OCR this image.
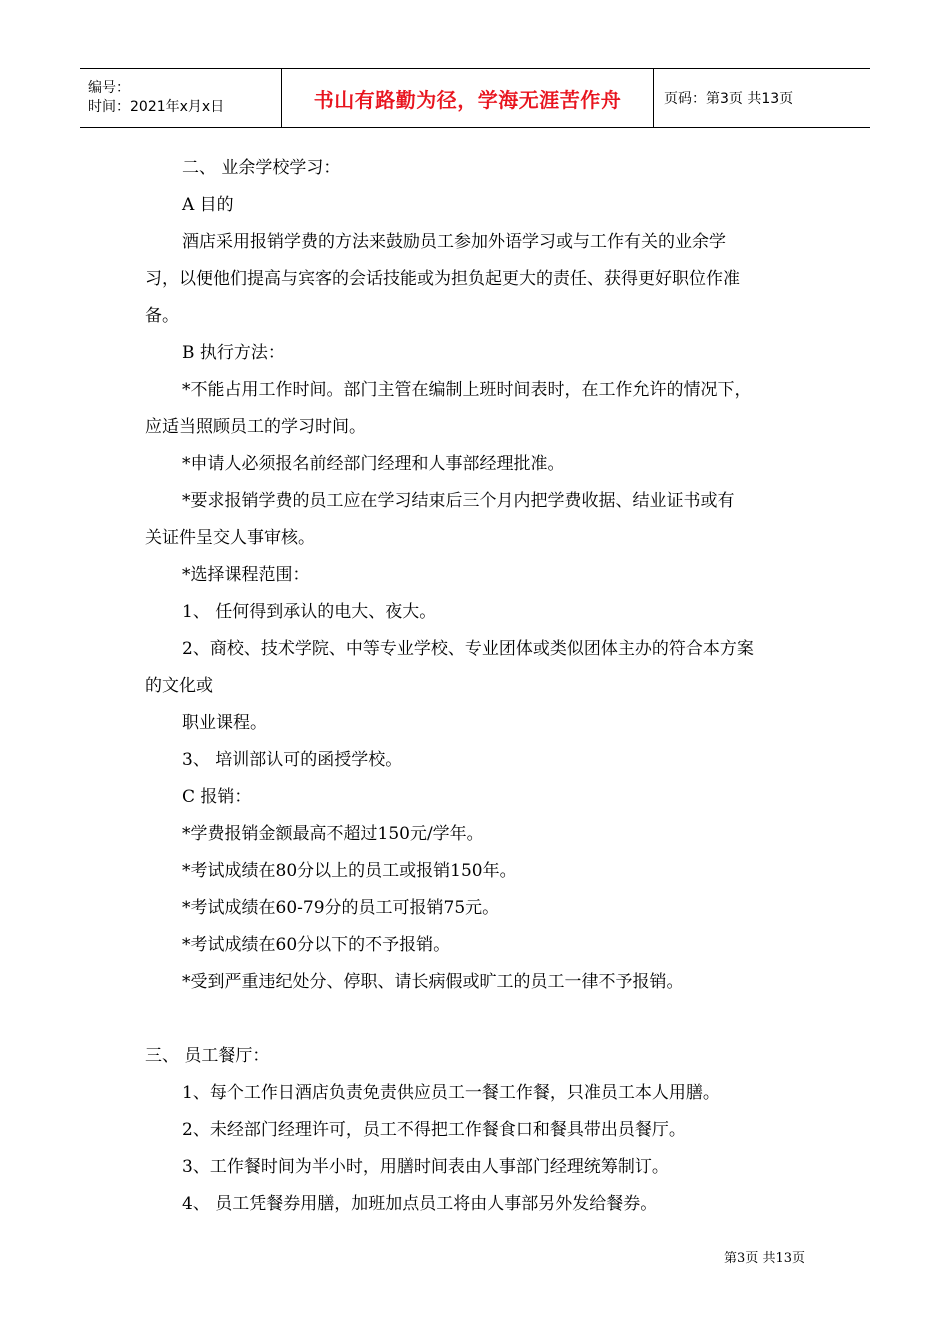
编号：
时间：2021年x月x日	书山有路勤为径，学海无涯苦作舟	页码：第3页 共13页
二、 业余学校学习：
A 目的
酒店采用报销学费的方法来鼓励员工参加外语学习或与工作有关的业余学
习，以便他们提高与宾客的会话技能或为担负起更大的责任、获得更好职位作准
备。
B 执行方法：
*不能占用工作时间。部门主管在编制上班时间表时，在工作允许的情况下，
应适当照顾员工的学习时间。
*申请人必须报名前经部门经理和人事部经理批准。
*要求报销学费的员工应在学习结束后三个月内把学费收据、结业证书或有
关证件呈交人事审核。
*选择课程范围：
1、 任何得到承认的电大、夜大。
2、商校、技术学院、中等专业学校、专业团体或类似团体主办的符合本方案
的文化或
职业课程。
3、 培训部认可的函授学校。
C 报销：
*学费报销金额最高不超过150元/学年。
*考试成绩在80分以上的员工或报销150年。
*考试成绩在60-79分的员工可报销75元。
*考试成绩在60分以下的不予报销。
*受到严重违纪处分、停职、请长病假或旷工的员工一律不予报销。
三、 员工餐厅：
1、每个工作日酒店负责免责供应员工一餐工作餐，只准员工本人用膳。
2、未经部门经理许可，员工不得把工作餐食口和餐具带出员餐厅。
3、工作餐时间为半小时，用膳时间表由人事部门经理统筹制订。
4、 员工凭餐券用膳，加班加点员工将由人事部另外发给餐券。
第3页 共13页
